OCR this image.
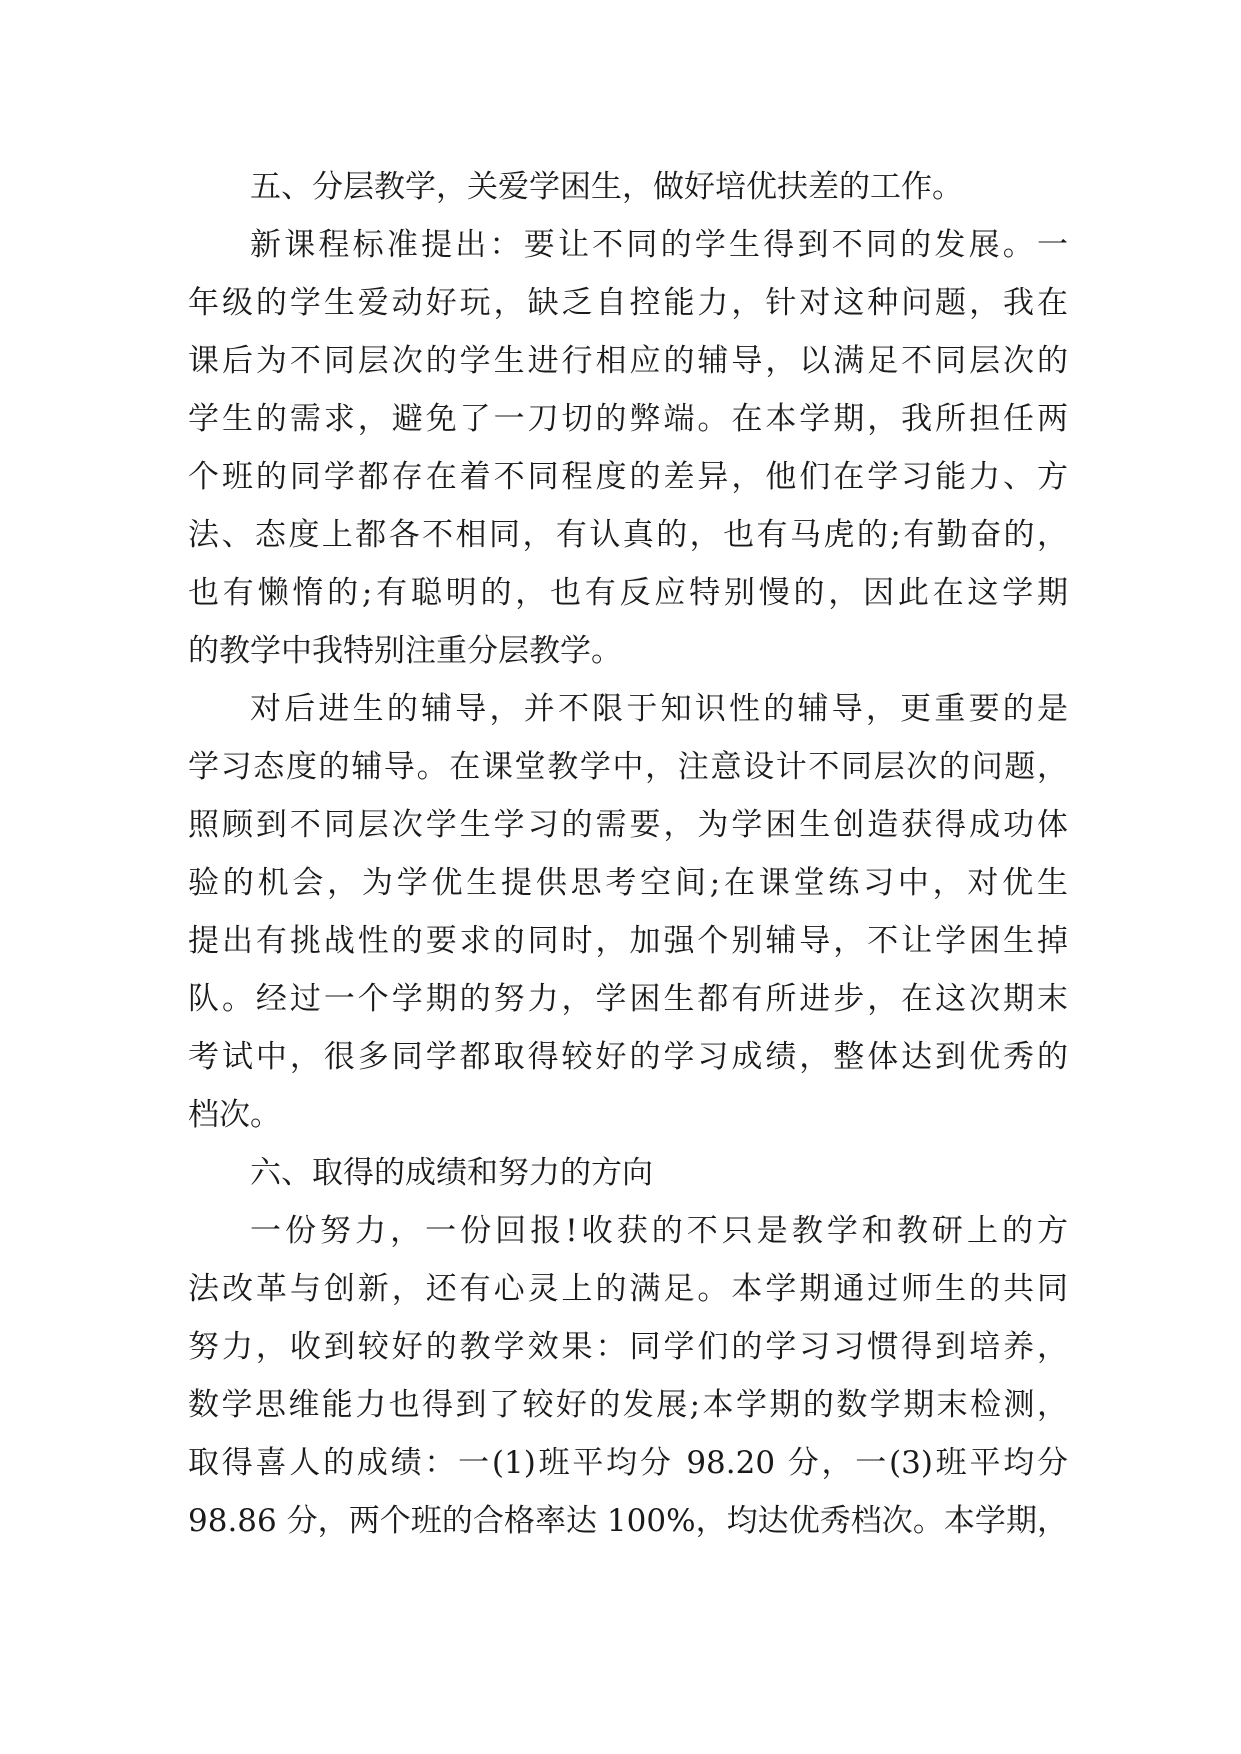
五、分层教学，关爱学困生，做好培优扶差的工作。
新课程标准提出：要让不同的学生得到不同的发展。一
年级的学生爱动好玩，缺乏自控能力，针对这种问题，我在
课后为不同层次的学生进行相应的辅导，以满足不同层次的
学生的需求，避免了一刀切的弊端。在本学期，我所担任两
个班的同学都存在着不同程度的差异，他们在学习能力、方
法、态度上都各不相同，有认真的，也有马虎的;有勤奋的，
也有懒惰的;有聪明的，也有反应特别慢的，因此在这学期
的教学中我特别注重分层教学。
对后进生的辅导，并不限于知识性的辅导，更重要的是
学习态度的辅导。在课堂教学中，注意设计不同层次的问题，
照顾到不同层次学生学习的需要，为学困生创造获得成功体
验的机会，为学优生提供思考空间;在课堂练习中，对优生
提出有挑战性的要求的同时，加强个别辅导，不让学困生掉
队。经过一个学期的努力，学困生都有所进步，在这次期末
考试中，很多同学都取得较好的学习成绩，整体达到优秀的
档次。
六、取得的成绩和努力的方向
一份努力，一份回报!收获的不只是教学和教研上的方
法改革与创新，还有心灵上的满足。本学期通过师生的共同
努力，收到较好的教学效果：同学们的学习习惯得到培养，
数学思维能力也得到了较好的发展;本学期的数学期末检测，
取得喜人的成绩：一(1)班平均分 98.20 分，一(3)班平均分
98.86 分，两个班的合格率达 100%，均达优秀档次。本学期，
